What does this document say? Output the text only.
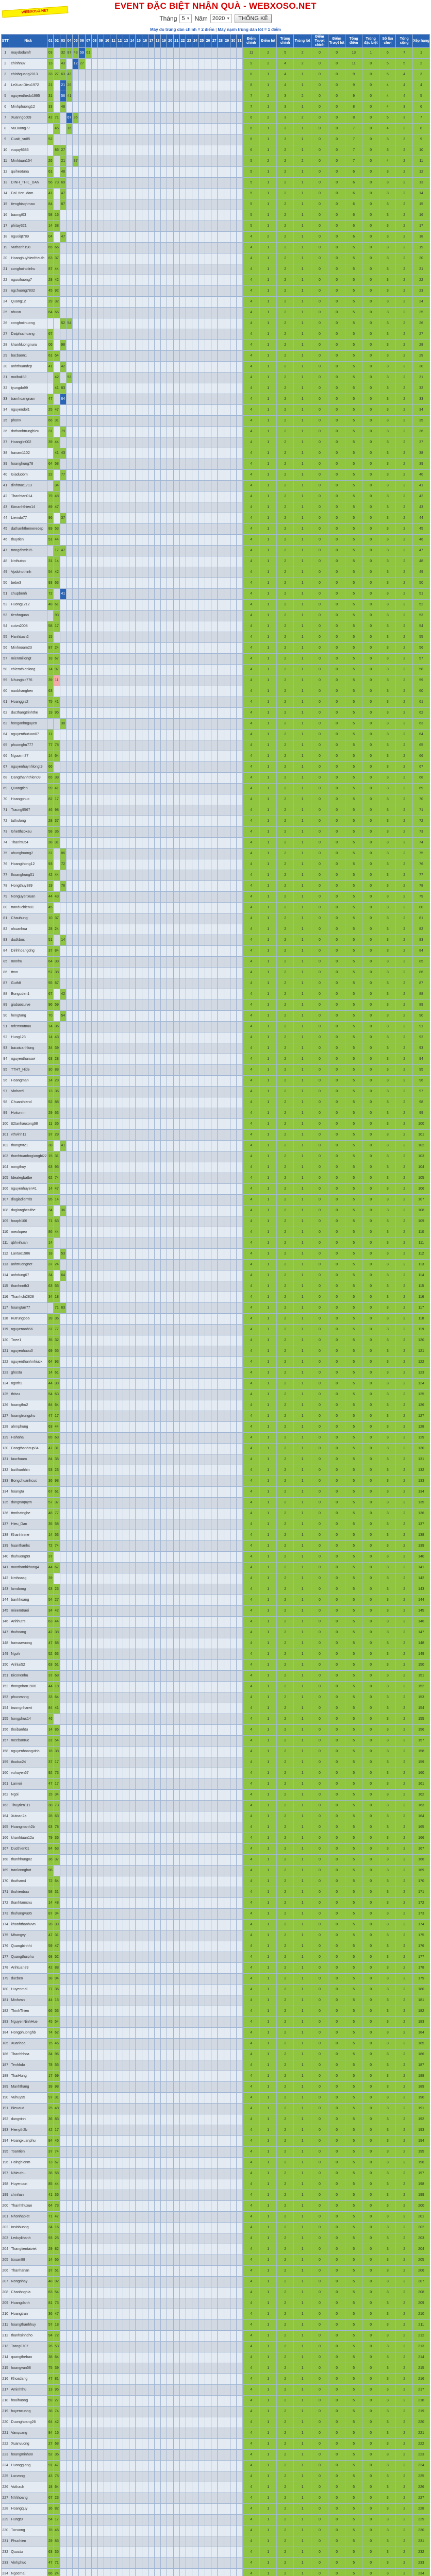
WEBXOSO.NET
EVENT ĐẶC BIỆT NHẬN QUÀ - WEBXOSO.NET
Tháng 5 ▼ Năm 2020 ▼	THỐNG KÊ
Máy đo trùng dàn chính = 2 điểm | Máy nạnh trùng dàn lót = 1 điểm
STT	Nick	01	02	03	04	05	06	07	08	09	10	11	12	13	14	15	16	17	18	19	20	21	22	23	24	25	26	27	28	29	30	31	Điểm chính	Điểm lót	Trùng chính	Trùng lót	Điểm Trượt chính	Điểm Trượt lót	Tổng điểm	Trùng đặc biệt	Số lần chơi	Tổng cộng	Xếp hạng
1	maydodamfr	03		32	87	43	59	61																									11	2	5	2	0	0	13	1	6	7	1
2	chinhn87	13		43		12	27																										9	2	4	2	0	0	11	0	5	5	2
3	chinhquang2013	33	27	63	43																												8	1	4	1	0	0	9	0	5	4	3
4	LeXuanDieu1972	21		21	26																												8	1	4	1	0	0	9	0	4	4	4
5	nguyenthedo1995	31		56	41																												7	2	3	2	0	0	9	0	4	4	5
6	Minhphuong12	33		48																													7	1	3	1	0	0	8	0	4	3	6
7	Xuanngoc09	42	71		67	35																											6	2	3	2	0	0	8	0	5	3	7
8	VuDuong77		45		16																												6	1	3	1	0	0	7	0	4	3	8
9	Cuaiti_vn85	52																															6	1	3	1	0	0	7	0	3	3	9
10	vuquy8686		86	27																													6	1	2	1	0	0	7	0	3	2	10
11	Minhtuan154	26		21		37																											5	2	2	2	0	0	7	0	4	2	11
12	quiheotuna	61		48																													5	1	2	1	0	0	6	0	3	2	12
13	DINH_THIL_DAN	56	73	69																													5	1	2	1	0	0	6	0	3	2	13
14	Dai_tien_dam	41		47																													5	1	2	1	0	0	6	0	3	2	14
15	tienghiaqhmao	84		87																													5	1	2	1	0	0	6	0	3	2	15
16	baongt03	58	16																														5	1	2	1	0	0	6	0	3	2	16
17	phitay321	14	38																														5	1	2	1	0	0	6	0	3	2	17
18	nguoiqt789	04		47																													4	2	2	1	0	0	6	0	3	2	18
19	Vuthanh198	65	66																														4	1	2	1	0	0	5	0	3	2	19
20	Hoanghuyhienfrieuth	63	37																														4	1	2	1	0	0	5	0	3	2	20
21	conghoiholinhu	87	44																														4	1	2	1	0	0	5	0	3	2	21
22	nguoihuong7	28	42																														4	1	2	1	0	0	5	0	3	2	22
23	ngchuong7832	45	92																														4	1	2	1	0	0	5	0	3	2	23
24	Quang12	29	32																														4	1	2	1	0	0	5	0	3	2	24
25	nhuvn	64	66																														4	1	2	1	0	0	5	0	3	2	25
26	conghoithuong			52	54																												4	1	2	1	0	0	5	0	3	2	26
27	Datphuchoang	67																															4	1	2	1	0	0	5	0	3	2	27
28	khanhluongnuru	06		98																													4	1	2	1	0	0	5	0	3	2	28
29	bacbaon1	61	54																														4	1	2	1	0	0	5	0	3	2	29
30	anhthuandep	41		42																													4	1	2	1	0	0	5	0	3	2	30
31	maibuii88		42		53																												4	1	2	1	0	0	5	0	3	2	31
32	tyungdo99		41	83																													4	1	2	1	0	0	5	0	3	2	32
33	tramhoangnam	47		64																													4	1	2	1	0	0	5	0	3	2	33
34	nguyendol1	25	47																														4	1	2	1	0	0	5	0	3	2	34
35	phonv	66	31																														4	1	2	1	0	0	5	0	3	2	35
36	dothanhtrunghieu	31		79																													4	1	2	1	0	0	5	0	3	2	36
37	Hoanglin002	39	44																														4	1	2	1	0	0	5	0	3	2	37
38	hanam1102		41	43																													4	1	2	1	0	0	5	0	3	2	38
39	hoanghung78	64	58																														4	1	2	1	0	0	5	0	3	2	39
40	Giaduobm	22		77																													4	1	2	1	0	0	5	0	3	2	40
41	dinhtrac1713		34																														4	1	2	1	0	0	5	0	3	2	41
42	Thanhtan014	79	48																														4	1	2	1	0	0	5	0	3	2	42
43	Kimanhthien14	89	47																														4	1	2	1	0	0	5	0	3	2	43
44	Liemdo77	96		37																													4	1	2	1	0	0	5	0	3	2	44
45	dathanhthemeredep	89	53																														4	1	2	1	0	0	5	0	3	2	45
46	thuytien	51	44																														4	1	2	1	0	0	5	0	3	2	46
47	trongdhmb15		17	47																													4	1	2	1	0	0	5	0	3	2	47
48	kinthutop	31	14																														4	1	2	1	0	0	5	0	3	2	48
49	Vpdohothinh	54	42																														4	1	2	1	0	0	5	0	3	2	49
50	bebe3	93	63																														4	1	2	1	0	0	5	0	3	2	50
51	chupbenh	72		41																													4	1	2	1	0	0	5	0	3	2	51
52	Huong1212	48	61																														4	1	2	1	0	0	5	0	3	2	52
53	tienhnguan		93																														4	1	2	1	0	0	5	0	3	2	53
54	cutvn2008	58	17																														4	1	2	1	0	0	5	0	3	2	54
55	Hanhtuan2	15																															4	1	2	1	0	0	5	0	3	2	55
56	Minhnoam23	87	24																														4	1	2	1	0	0	5	0	3	2	56
57	mienmillongt	18	67																														4	1	2	1	0	0	5	0	3	2	57
58	chiemthienlong	14	97																														4	1	2	1	0	0	5	0	3	2	58
59	Nhungbic776	39	11																														4	1	2	1	0	0	5	0	3	2	59
60	nuobhanghen	63																															4	1	2	1	0	0	5	0	3	2	60
61	Hoanggis2	75	41																														4	1	2	1	0	0	5	0	3	2	61
62	ducthangtrinhthe	19	95																														4	1	2	1	0	0	5	0	3	2	62
63	honganhnguyen			38																													4	1	2	1	0	0	5	0	3	2	63
64	nguyenthutuan07	11																															4	1	2	1	0	0	5	0	3	2	64
65	phuonghu777	77	78																														4	1	2	1	0	0	5	0	3	2	65
66	Nguoimt77	14	64																														4	1	2	1	0	0	5	0	3	2	66
67	nguyenhuynhlongt9	66																															4	1	2	1	0	0	5	0	3	2	67
68	Dangthanhthien09	65	38																														4	1	2	1	0	0	5	0	3	2	68
69	Quangtien	99	41																														4	1	2	1	0	0	5	0	3	2	69
70	Hoangphuc	82	17																														4	1	2	1	0	0	5	0	3	2	70
71	Tracng9567	46	98																														4	1	2	1	0	0	5	0	3	2	71
72	tuthulong	28	37																														4	1	2	1	0	0	5	0	3	2	72
73	Ghetthcoxau	58	36																														4	1	2	1	0	0	5	0	3	2	73
74	Thanhtu54	38	31																														4	1	2	1	0	0	5	0	3	2	74
75	ahunghuong2	37		86																													4	1	2	1	0	0	5	0	3	2	75
76	Hoangthong12	93		72																													4	1	2	1	0	0	5	0	3	2	76
77	Ihoanghung01	42	44																														4	1	2	1	0	0	5	0	3	2	77
78	Hongthuy389	19		76																													4	1	2	1	0	0	5	0	3	2	78
79	Nonguyenxuan	44	43																														4	1	2	1	0	0	5	0	3	2	79
80	tranduchien81	45																															4	1	2	1	0	0	5	0	3	2	80
81	Chauhung	10	37																														4	1	2	1	0	0	5	0	3	2	81
82	nhuanhoa	28	24																														4	1	2	1	0	0	5	0	3	2	82
83	dudkbns	51		14																													4	1	2	1	0	0	5	0	3	2	83
84	Dinhhoangdng	37	84																														4	1	2	1	0	0	5	0	3	2	84
85	mnnhu	64	38																														4	1	2	1	0	0	5	0	3	2	85
86	ttrvn	57	38																														4	1	2	1	0	0	5	0	3	2	86
87	Guth8	55	67																														4	1	2	1	0	0	5	0	3	2	87
88	Bunguden1	67		42																													4	1	2	1	0	0	5	0	3	2	88
89	giabaocuive	96	59																														4	1	2	1	0	0	5	0	3	2	89
90	hengtang	70		54																													4	1	2	1	0	0	5	0	3	2	90
91	ndemnutnuu	14	36																														4	1	2	1	0	0	5	0	3	2	91
92	Hung123	14	43																														4	1	2	1	0	0	5	0	3	2	92
93	bacoicanhlong	34	39																														4	1	2	1	0	0	5	0	3	2	93
94	nguyenthanuwr	63	28																														4	1	2	1	0	0	5	0	3	2	94
95	TTHT_Hide	30	88																														4	1	2	1	0	0	5	0	3	2	95
96	Hoangman	14	28																														4	1	2	1	0	0	5	0	3	2	96
97	Vinhan9	13	36																														4	1	2	1	0	0	5	0	3	2	97
98	Chuanthiend	52	88																														4	1	2	1	0	0	5	0	3	2	98
99	Hoitonnn	29	63																														4	1	2	1	0	0	5	0	3	2	99
100	tt2tanhaucong98	11	36																														4	1	2	1	0	0	5	0	3	2	100
101	vthvinh11	37	29																														4	1	2	1	0	0	5	0	3	2	101
102	thangtvt21	38		41																													4	1	2	1	0	0	5	0	3	2	102
103	thanhtuanhogiangbi22	15	31																														4	1	2	1	0	0	5	0	3	2	103
104	nongthuy	63	93																														4	1	2	1	0	0	5	0	3	2	104
105	Ideategbatbe	62	74																														4	1	2	1	0	0	5	0	3	2	105
106	nguyenhuyen41	14	47																														4	1	2	1	0	0	5	0	3	2	106
107	diagiadiemtls	95	14																														4	1	2	1	0	0	5	0	3	2	107
108	dagionghcaithe	34		36																													4	1	2	1	0	0	5	0	3	2	108
109	hoaph106	71	63																														4	1	2	1	0	0	5	0	3	2	109
110	meolopeo	86	44																														4	1	2	1	0	0	5	0	3	2	110
111	qbhvihuan	14																															4	1	2	1	0	0	5	0	3	2	111
112	Lantao1986	18		53																													4	1	2	1	0	0	5	0	3	2	112
113	anhtruongnet	37	24																														4	1	2	1	0	0	5	0	3	2	113
114	anhdung67	34		64																													4	1	2	1	0	0	5	0	3	2	114
115	thanhnnth3	63	55																														4	1	2	1	0	0	5	0	3	2	115
116	Thanhchi2828	34	18																														4	1	2	1	0	0	5	0	3	2	116
117	hoangtan77		71	63																													4	1	2	1	0	0	5	0	3	2	117
118	Kutrung666	28	36																														4	1	2	1	0	0	5	0	3	2	118
119	nguyenanh56	37	77																														4	1	2	1	0	0	5	0	3	2	119
120	Tnee1	35	32																														4	1	2	1	0	0	5	0	3	2	120
121	nguyenhuou0	69	55																														4	1	2	1	0	0	5	0	3	2	121
122	nguyenthanhnhiuck	64	93																														4	1	2	1	0	0	5	0	3	2	122
123	ghostu	14	61																														4	1	2	1	0	0	5	0	3	2	123
124	ngoth1	44	38																														4	1	2	1	0	0	5	0	3	2	124
125	thitvu	54	63																														4	1	2	1	0	0	5	0	3	2	125
126	hoangthu2	84	64																														4	1	2	1	0	0	5	0	3	2	126
127	hoangtrungphu	47	17																														4	1	2	1	0	0	5	0	3	2	127
128	ahmphung	63	44																														4	1	2	1	0	0	5	0	3	2	128
129	Hahaha	85	63																														4	1	2	1	0	0	5	0	3	2	129
130	Dangthanhcup34	47	31																														4	1	2	1	0	0	5	0	3	2	130
131	Iauchuam	84	35																														4	1	2	1	0	0	5	0	3	2	131
132	buithunhhin	53	23																														4	1	2	1	0	0	5	0	3	2	132
133	Bongchuanhcuc	36	98																														4	1	2	1	0	0	5	0	3	2	133
134	hoangta	67	61																														4	1	2	1	0	0	5	0	3	2	134
135	dangnaquym	57	37																														4	1	2	1	0	0	5	0	3	2	135
136	ttrnthatnghe	48	77																														4	1	2	1	0	0	5	0	3	2	136
137	Hieu_Dan	35	58																														4	1	2	1	0	0	5	0	3	2	137
138	Khanhlnme	14	53																														4	1	2	1	0	0	5	0	3	2	138
139	huanthanhs	72	74																														4	1	2	1	0	0	5	0	3	2	139
140	thuhuong99	37																															4	1	2	1	0	0	5	0	3	2	140
141	maothanhkhang4	44	67																														4	1	2	1	0	0	5	0	3	2	141
142	kimhoasg	39																															4	1	2	1	0	0	5	0	3	2	142
143	lamdomg	63	23																														4	1	2	1	0	0	5	0	3	2	143
144	banhhoang	54	27																														4	1	2	1	0	0	5	0	3	2	144
145	mieemtraoi	34	42																														4	1	2	1	0	0	5	0	3	2	145
146	Anhhutrs	63	44																														4	1	2	1	0	0	5	0	3	2	146
147	thuhoang	42	38																														4	1	2	1	0	0	5	0	3	2	147
148	hamaavuong	47	68																														4	1	2	1	0	0	5	0	3	2	148
149	Ngoh	52	63																														4	1	2	1	0	0	5	0	3	2	149
150	Anhlai52	63	51																														4	1	2	1	0	0	5	0	3	2	150
151	Biconenhu	37	68																														4	1	2	1	0	0	5	0	3	2	151
152	thongnhon1986	44	18																														4	1	2	1	0	0	5	0	3	2	152
153	phucvanng	33	64																														4	1	2	1	0	0	5	0	3	2	153
154	truongnhanvt	84	41																														4	1	2	1	0	0	5	0	3	2	154
155	hongphuc14	46																															4	1	2	1	0	0	5	0	3	2	155
156	thoibanhtu	14	86																														4	1	2	1	0	0	5	0	3	2	156
157	meebanruc	31	54																														4	1	2	1	0	0	5	0	3	2	157
158	nguyenhoangvinh	16	38																														4	1	2	1	0	0	5	0	3	2	158
159	thuduc24	37	17																														4	1	2	1	0	0	5	0	3	2	159
160	vuhuyen67	92	73																														4	1	2	1	0	0	5	0	3	2	160
161	Lanvoi	47	17																														4	1	2	1	0	0	5	0	3	2	161
162	Ngoi	15	34																														4	1	2	1	0	0	5	0	3	2	162
163	Thuytien111	38	73																														4	1	2	1	0	0	5	0	3	2	163
164	Xutoan2a	28	63																														4	1	2	1	0	0	5	0	3	2	164
165	Hoangmanh2b	63	78																														4	1	2	1	0	0	5	0	3	2	165
166	khanhtuan12a	79	36																														4	1	2	1	0	0	5	0	3	2	166
167	Ducthien01	84	63																														4	1	2	1	0	0	5	0	3	2	167
168	thanhhung02	36	37																														4	1	2	1	0	0	5	0	3	2	168
169	tranlonnghot	98																															4	1	2	1	0	0	5	0	3	2	169
170	thutham4	72	64																														4	1	2	1	0	0	5	0	3	2	170
171	thuhienbuu	58	31																														4	1	2	1	0	0	5	0	3	2	171
172	thanhtamsnu	14	48																														4	1	2	1	0	0	5	0	3	2	172
173	thuhangvu95	87	34																														4	1	2	1	0	0	5	0	3	2	173
174	khanhthanhvvn	28	39																														4	1	2	1	0	0	5	0	3	2	174
175	Mhangvy	47	31																														4	1	2	1	0	0	5	0	3	2	175
176	Quangbinhht	59	47																														4	1	2	1	0	0	5	0	3	2	176
177	Quangthaiphu	68	52																														4	1	2	1	0	0	5	0	3	2	177
178	Anhtuan89	42	88																														4	1	2	1	0	0	5	0	3	2	178
179	ducbeo	38	94																														4	1	2	1	0	0	5	0	3	2	179
180	Huyenmai	77	36																														4	1	2	1	0	0	5	0	3	2	180
181	Minhvan	44	15																														4	1	2	1	0	0	5	0	3	2	181
182	ThinhThien	66	53																														4	1	2	1	0	0	5	0	3	2	182
183	NguyenNinhHue	45	54																														4	1	2	1	0	0	5	0	3	2	183
184	Hongphuonghb	74	62																														4	1	2	1	0	0	5	0	3	2	184
185	Xuanhoa	15	46																														4	1	2	1	0	0	5	0	3	2	185
186	Thanhhhoa	34	96																														4	1	2	1	0	0	5	0	3	2	186
187	Tenhhdo	78	55																														4	1	2	1	0	0	5	0	3	2	187
188	ThaiHung	17	69																														4	1	2	1	0	0	5	0	3	2	188
189	Manhthang	39	98																														4	1	2	1	0	0	5	0	3	2	189
190	Vuhuy95	97	31																														4	1	2	1	0	0	5	0	3	2	190
191	Bieuaud	25	48																														4	1	2	1	0	0	5	0	3	2	191
192	dungvinh	36	83																														4	1	2	1	0	0	5	0	3	2	192
193	Hienyth2b	42	17																														4	1	2	1	0	0	5	0	3	2	193
194	Hoangxuanphu	84	46																														4	1	2	1	0	0	5	0	3	2	194
195	Toantien	37	74																														4	1	2	1	0	0	5	0	3	2	195
196	Hoinghienm	13	67																														4	1	2	1	0	0	5	0	3	2	196
197	Nhieuthu	38	58																														4	1	2	1	0	0	5	0	3	2	197
198	Huyencon	85	44																														4	1	2	1	0	0	5	0	3	2	198
199	chinhan	41	36																														4	1	2	1	0	0	5	0	3	2	199
200	Thanhthuxue	64	73																														4	1	2	1	0	0	5	0	3	2	200
201	Nhonhabiet	71	47																														4	1	2	1	0	0	5	0	3	2	201
202	Iosinhuong	34	16																														4	1	2	1	0	0	5	0	3	2	202
203	Leduykhanh	93	25																														4	1	2	1	0	0	5	0	3	2	203
204	Thangtientaiviet	29	82																														4	1	2	1	0	0	5	0	3	2	204
205	trxuan88	14	66																														4	1	2	1	0	0	5	0	3	2	205
206	Thanhanan	37	51																														4	1	2	1	0	0	5	0	3	2	206
207	Nongnhay	48	92																														4	1	2	1	0	0	5	0	3	2	207
208	Chanhnghia	63	54																														4	1	2	1	0	0	5	0	3	2	208
209	Hoangdanh	81	73																														4	1	2	1	0	0	5	0	3	2	209
210	Hoangtran	36	47																														4	1	2	1	0	0	5	0	3	2	210
211	hoangthanhhuy	57	18																														4	1	2	1	0	0	5	0	3	2	211
212	thanhsinhcho	94	72																														4	1	2	1	0	0	5	0	3	2	212
213	Trang0707	26	53																														4	1	2	1	0	0	5	0	3	2	213
214	quangthebao	38	64																														4	1	2	1	0	0	5	0	3	2	214
215	hoangvan58	75	39																														4	1	2	1	0	0	5	0	3	2	215
216	Khoadang	47	81																														4	1	2	1	0	0	5	0	3	2	216
217	Aminhthu	13	95																														4	1	2	1	0	0	5	0	3	2	217
218	hoaihuong	59	27																														4	1	2	1	0	0	5	0	3	2	218
219	huyencuong	38	74																														4	1	2	1	0	0	5	0	3	2	219
220	Duonghoang26	64	42																														4	1	2	1	0	0	5	0	3	2	220
221	Vanquang	84	16																														4	1	2	1	0	0	5	0	3	2	221
222	Xuanvuong	27	68																														4	1	2	1	0	0	5	0	3	2	222
223	hoangminh88	52	36																														4	1	2	1	0	0	5	0	3	2	223
224	Huonggiang	91	47																														4	1	2	1	0	0	5	0	3	2	224
225	Lucvong	43	75																														4	1	2	1	0	0	5	0	3	2	225
226	Vuthach	18	64																														4	1	2	1	0	0	5	0	3	2	226
227	Nhhhoang	67	23																														4	1	2	1	0	0	5	0	3	2	227
228	Hoangquy	36	82																														4	1	2	1	0	0	5	0	3	2	228
229	Hungt9	54	17																														4	1	2	1	0	0	5	0	3	2	229
230	Tucuong	78	46																														4	1	2	1	0	0	5	0	3	2	230
231	Phuchien	29	83																														4	1	2	1	0	0	5	0	3	2	231
232	Quoctu	63	35																														4	1	2	1	0	0	5	0	3	2	232
233	Vinhphuc	47	71																														4	1	2	1	0	0	5	0	3	2	233
234	Ngocmai	86	24																														4	1	2	1	0	0	5	0	3	2	234
